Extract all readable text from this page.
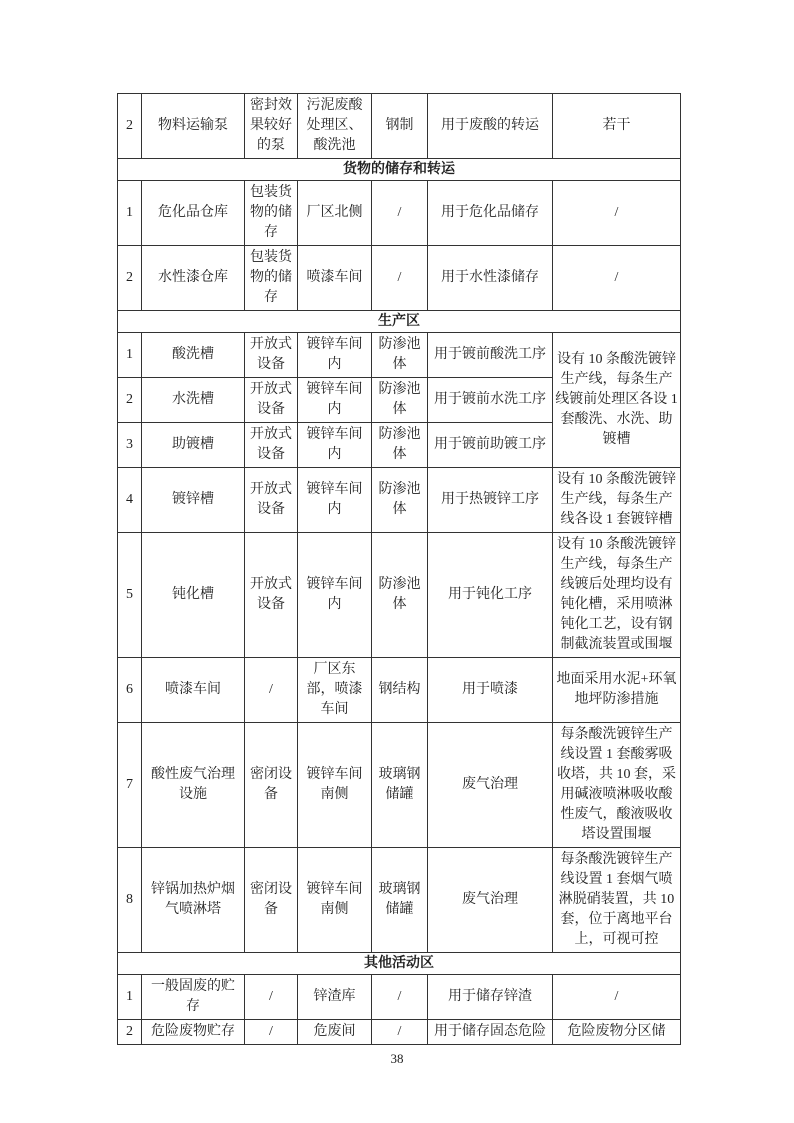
2	物料运输泵	密封效果较好的泵	污泥废酸处理区、酸洗池	钢制	用于废酸的转运	若干
货物的储存和转运						
1	危化品仓库	包装货物的储存	厂区北侧	/	用于危化品储存	/
2	水性漆仓库	包装货物的储存	喷漆车间	/	用于水性漆储存	/
生产区						
1	酸洗槽	开放式设备	镀锌车间内	防渗池体	用于镀前酸洗工序	设有 10 条酸洗镀锌生产线，每条生产线镀前处理区各设 1 套酸洗、水洗、助镀槽
2	水洗槽	开放式设备	镀锌车间内	防渗池体	用于镀前水洗工序	
3	助镀槽	开放式设备	镀锌车间内	防渗池体	用于镀前助镀工序	
4	镀锌槽	开放式设备	镀锌车间内	防渗池体	用于热镀锌工序	设有 10 条酸洗镀锌生产线，每条生产线各设 1 套镀锌槽
5	钝化槽	开放式设备	镀锌车间内	防渗池体	用于钝化工序	设有 10 条酸洗镀锌生产线，每条生产线镀后处理均设有钝化槽，采用喷淋钝化工艺，设有钢制截流装置或围堰
6	喷漆车间	/	厂区东部，喷漆车间	钢结构	用于喷漆	地面采用水泥+环氧地坪防渗措施
7	酸性废气治理设施	密闭设备	镀锌车间南侧	玻璃钢储罐	废气治理	每条酸洗镀锌生产线设置 1 套酸雾吸收塔，共 10 套，采用碱液喷淋吸收酸性废气，酸液吸收塔设置围堰
8	锌锅加热炉烟气喷淋塔	密闭设备	镀锌车间南侧	玻璃钢储罐	废气治理	每条酸洗镀锌生产线设置 1 套烟气喷淋脱硝装置，共 10 套，位于离地平台上，可视可控
其他活动区						
1	一般固废的贮存	/	锌渣库	/	用于储存锌渣	/
2	危险废物贮存	/	危废间	/	用于储存固态危险	危险废物分区储
38
